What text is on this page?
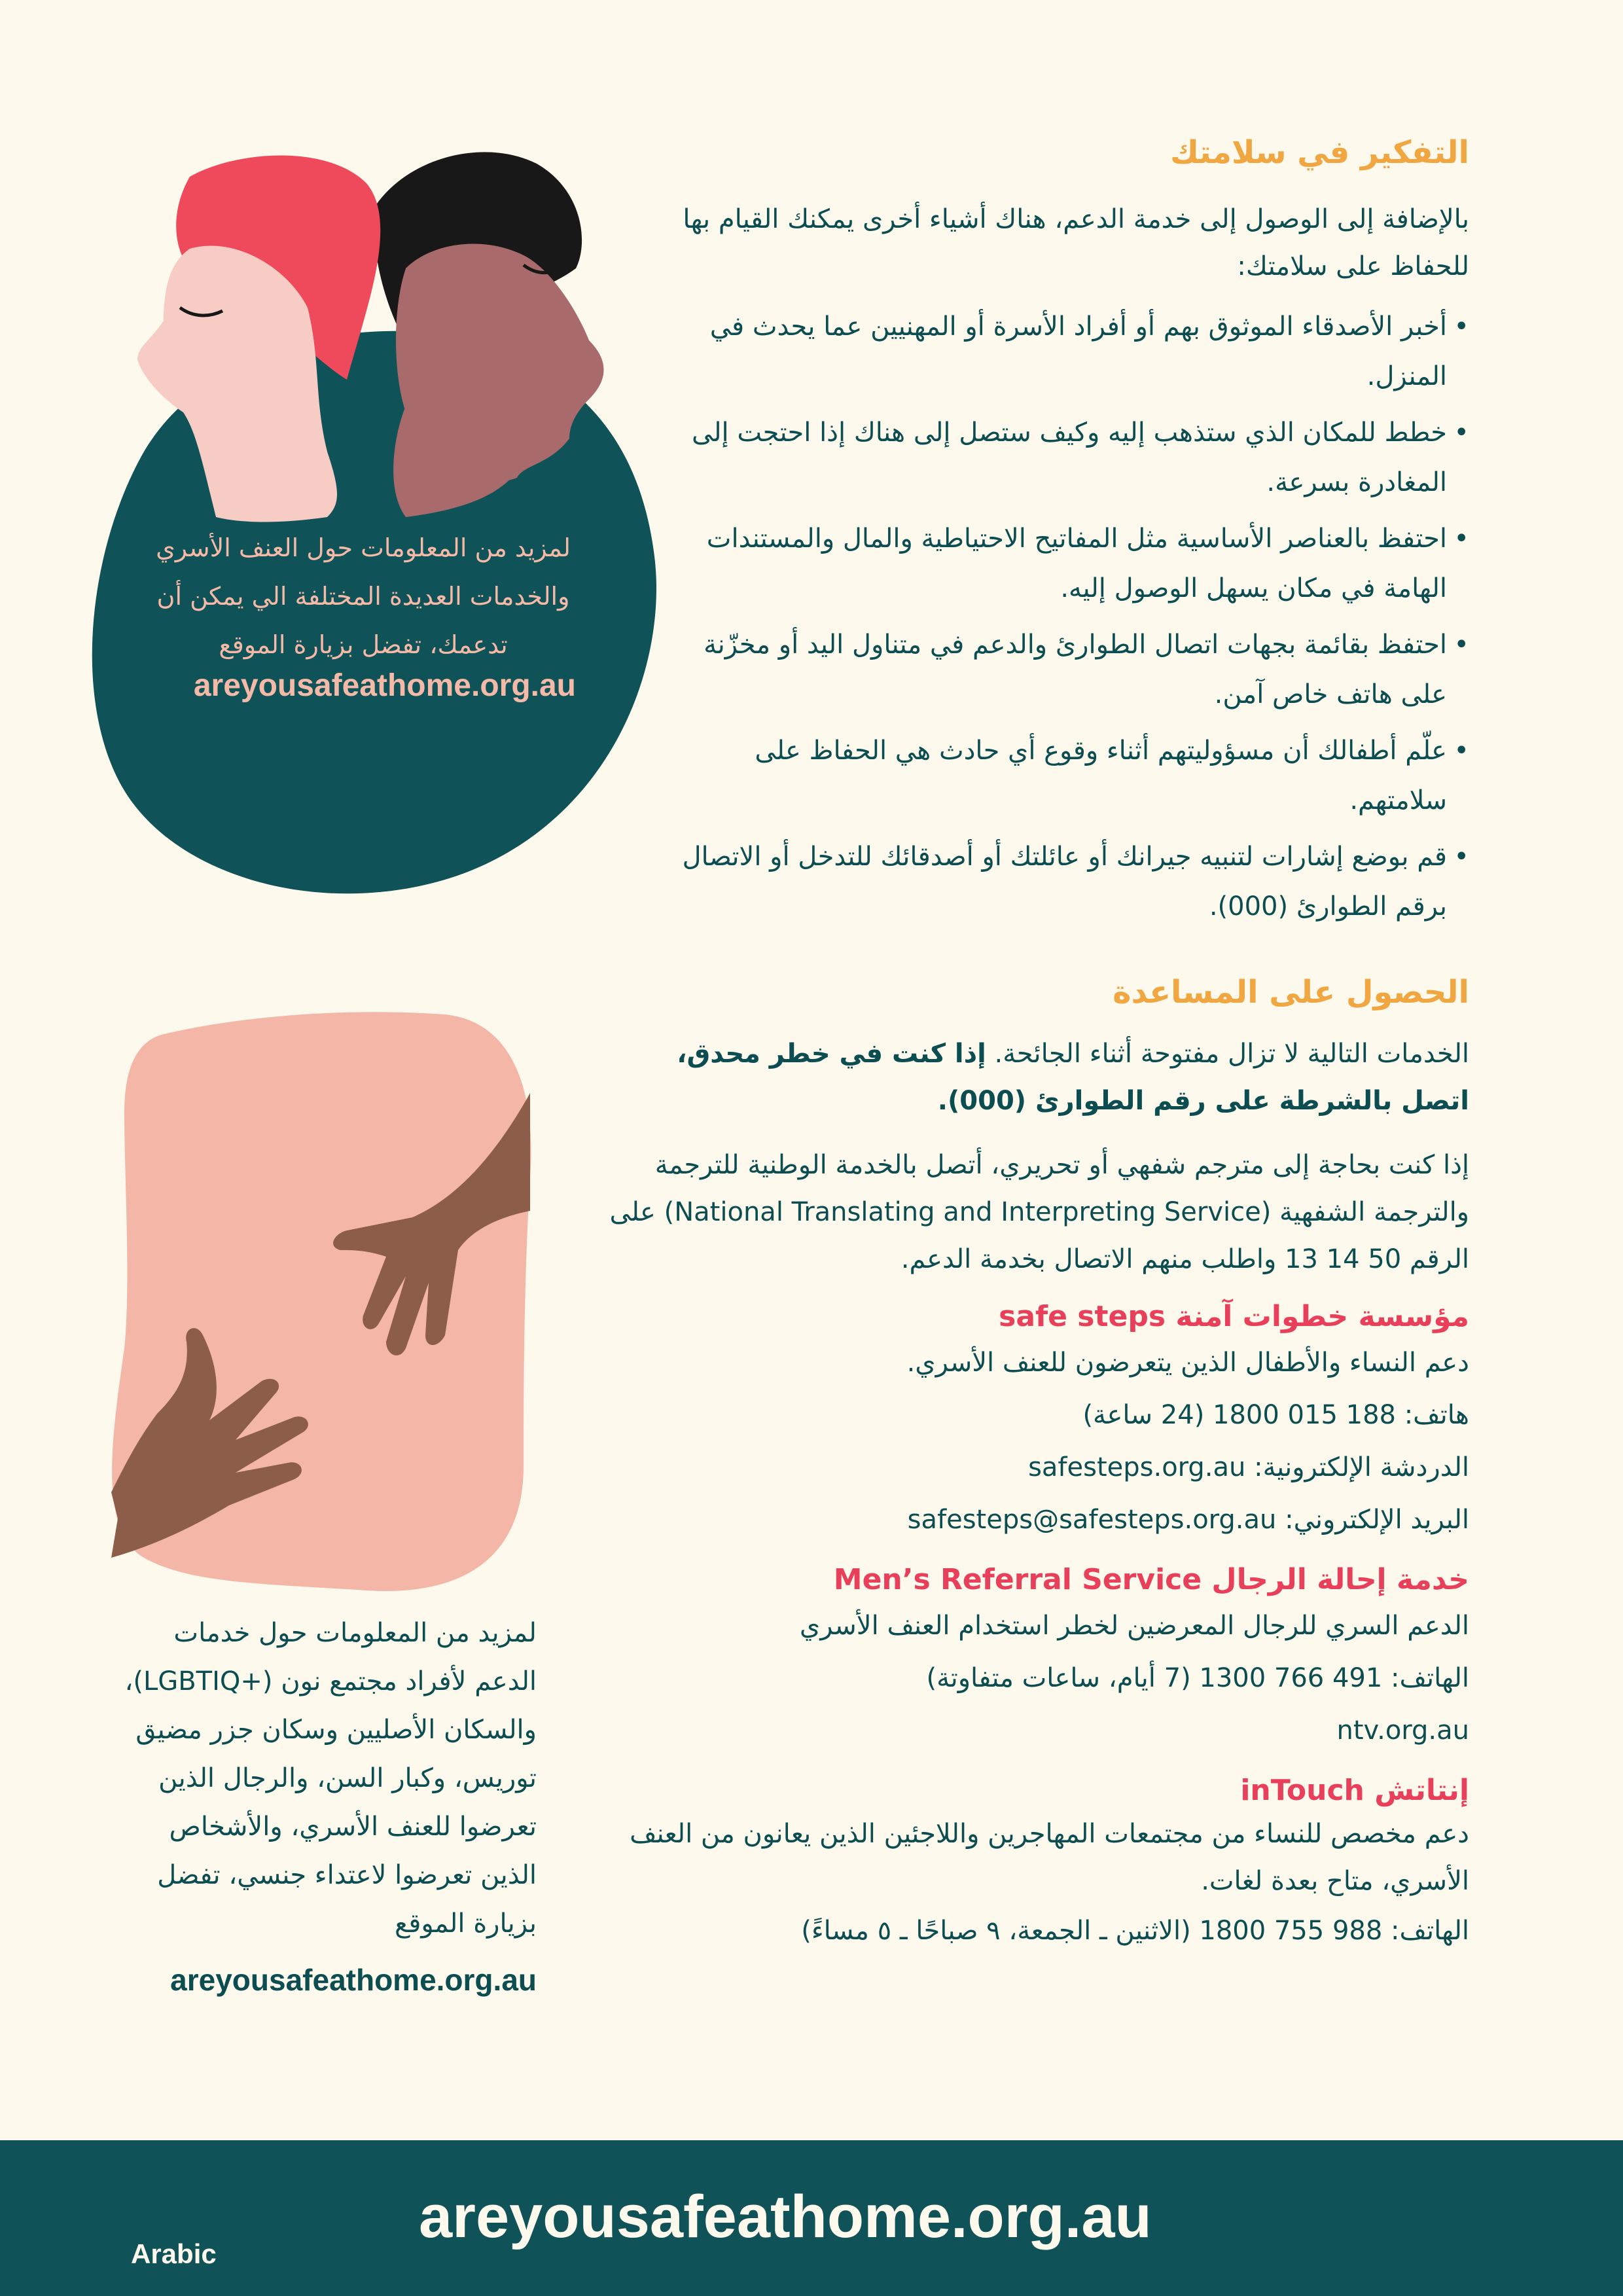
لمزيد من المعلومات حول العنف الأسري والخدمات العديدة المختلفة الي يمكن أن تدعمك، تفضل بزيارة الموقع
areyousafeathome.org.au
لمزيد من المعلومات حول خدمات الدعم لأفراد مجتمع نون (+LGBTIQ)، والسكان الأصليين وسكان جزر مضيق توريس، وكبار السن، والرجال الذين تعرضوا للعنف الأسري، والأشخاص الذين تعرضوا لاعتداء جنسي، تفضل بزيارة الموقع
areyousafeathome.org.au
التفكير في سلامتك

بالإضافة إلى الوصول إلى خدمة الدعم، هناك أشياء أخرى يمكنك القيام بها للحفاظ على سلامتك:

• أخبر الأصدقاء الموثوق بهم أو أفراد الأسرة أو المهنيين عما يحدث في المنزل.
• خطط للمكان الذي ستذهب إليه وكيف ستصل إلى هناك إذا احتجت إلى المغادرة بسرعة.
• احتفظ بالعناصر الأساسية مثل المفاتيح الاحتياطية والمال والمستندات الهامة في مكان يسهل الوصول إليه.
• احتفظ بقائمة بجهات اتصال الطوارئ والدعم في متناول اليد أو مخزّنة على هاتف خاص آمن.
• علّم أطفالك أن مسؤوليتهم أثناء وقوع أي حادث هي الحفاظ على سلامتهم.
• قم بوضع إشارات لتنبيه جيرانك أو عائلتك أو أصدقائك للتدخل أو الاتصال برقم الطوارئ (000).
الحصول على المساعدة

الخدمات التالية لا تزال مفتوحة أثناء الجائحة. إذا كنت في خطر محدق، اتصل بالشرطة على رقم الطوارئ (000).

إذا كنت بحاجة إلى مترجم شفهي أو تحريري، أتصل بالخدمة الوطنية للترجمة والترجمة الشفهية (National Translating and Interpreting Service) على الرقم 50 14 13 واطلب منهم الاتصال بخدمة الدعم.

مؤسسة خطوات آمنة safe steps

دعم النساء والأطفال الذين يتعرضون للعنف الأسري.

هاتف: 188 015 1800 (24 ساعة)

الدردشة الإلكترونية: safesteps.org.au

البريد الإلكتروني: safesteps@safesteps.org.au

خدمة إحالة الرجال Men’s Referral Service

الدعم السري للرجال المعرضين لخطر استخدام العنف الأسري

الهاتف: 491 766 1300 (7 أيام، ساعات متفاوتة)

ntv.org.au

إنتاتش inTouch

دعم مخصص للنساء من مجتمعات المهاجرين واللاجئين الذين يعانون من العنف الأسري، متاح بعدة لغات.

الهاتف: 988 755 1800 (الاثنين ـ الجمعة، ٩ صباحًا ـ ٥ مساءً)

Arabic
areyousafeathome.org.au
